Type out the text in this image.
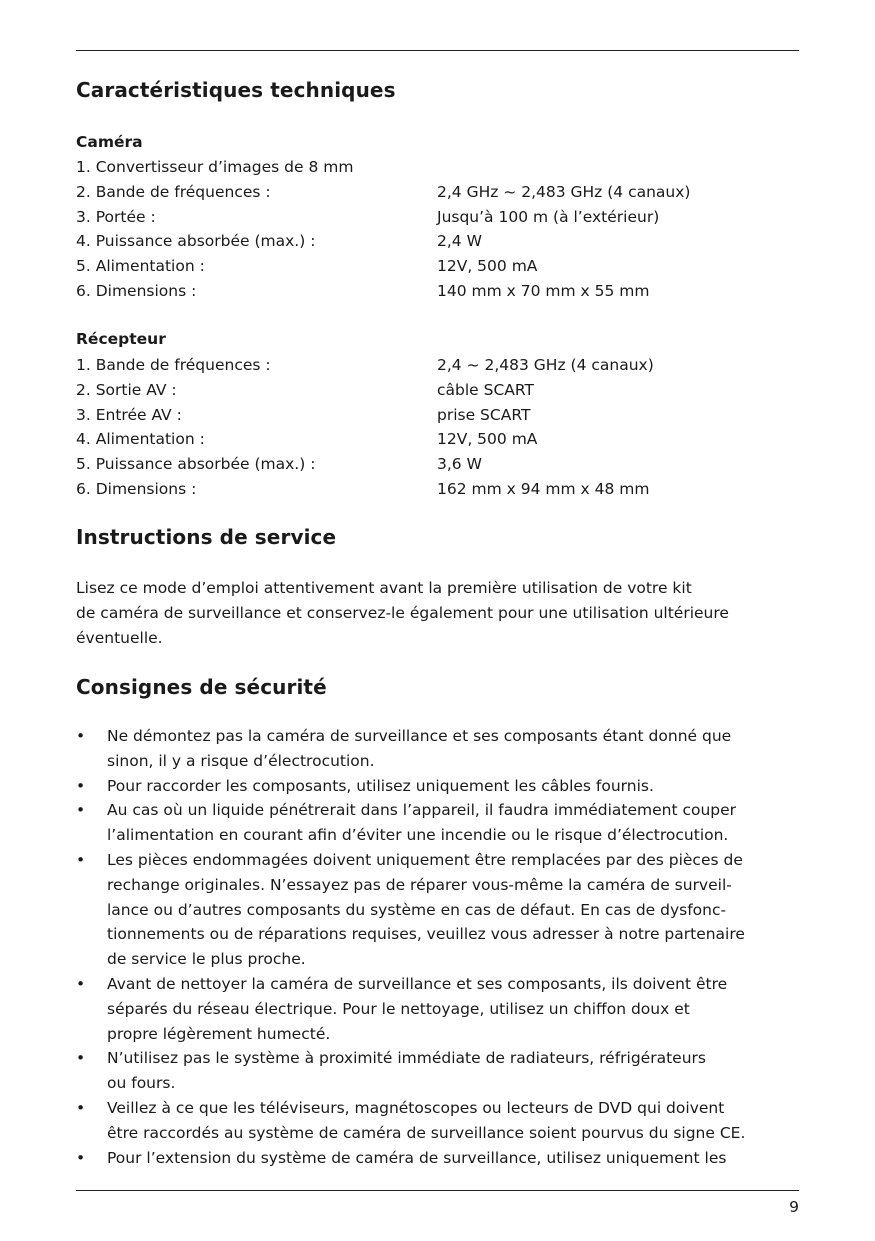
Caractéristiques techniques
Caméra
1. Convertisseur d’images de 8 mm
2. Bande de fréquences :	2,4 GHz ~ 2,483 GHz (4 canaux)
3. Portée :	Jusqu’à 100 m (à l’extérieur)
4. Puissance absorbée (max.) :	2,4 W
5. Alimentation :	12V, 500 mA
6. Dimensions :	140 mm x 70 mm x 55 mm
Récepteur
1. Bande de fréquences :	2,4 ~ 2,483 GHz (4 canaux)
2. Sortie AV :	câble SCART
3. Entrée AV :	prise SCART
4. Alimentation :	12V, 500 mA
5. Puissance absorbée (max.) :	3,6 W
6. Dimensions :	162 mm x 94 mm x 48 mm
Instructions de service

Lisez ce mode d’emploi attentivement avant la première utilisation de votre kit
de caméra de surveillance et conservez-le également pour une utilisation ultérieure
éventuelle.

Consignes de sécurité
• Ne démontez pas la caméra de surveillance et ses composants étant donné que
sinon, il y a risque d’électrocution.
• Pour raccorder les composants, utilisez uniquement les câbles fournis.
• Au cas où un liquide pénétrerait dans l’appareil, il faudra immédiatement couper
l’alimentation en courant afin d’éviter une incendie ou le risque d’électrocution.
• Les pièces endommagées doivent uniquement être remplacées par des pièces de
rechange originales. N’essayez pas de réparer vous-même la caméra de surveil-
lance ou d’autres composants du système en cas de défaut. En cas de dysfonc-
tionnements ou de réparations requises, veuillez vous adresser à notre partenaire
de service le plus proche.
• Avant de nettoyer la caméra de surveillance et ses composants, ils doivent être
séparés du réseau électrique. Pour le nettoyage, utilisez un chiffon doux et
propre légèrement humecté.
• N’utilisez pas le système à proximité immédiate de radiateurs, réfrigérateurs
ou fours.
• Veillez à ce que les téléviseurs, magnétoscopes ou lecteurs de DVD qui doivent
être raccordés au système de caméra de surveillance soient pourvus du signe CE.
• Pour l’extension du système de caméra de surveillance, utilisez uniquement les
9
